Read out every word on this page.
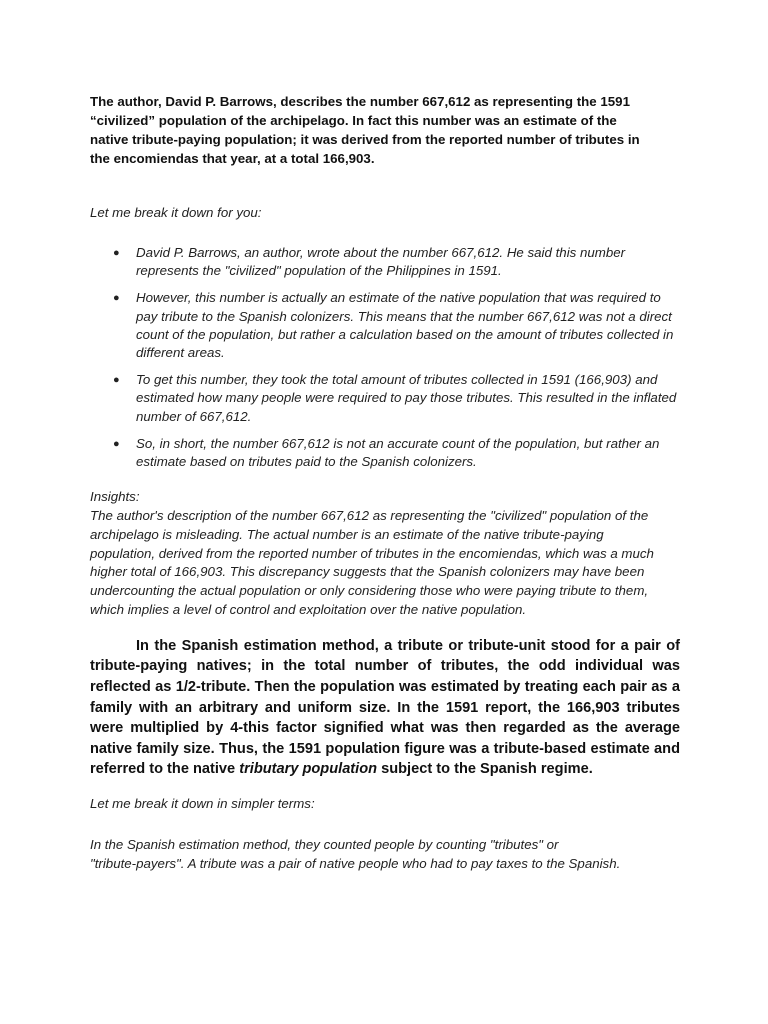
The author, David P. Barrows, describes the number 667,612 as representing the 1591
“civilized” population of the archipelago. In fact this number was an estimate of the
native tribute-paying population; it was derived from the reported number of tributes in
the encomiendas that year, at a total 166,903.

Let me break it down for you:

● David P. Barrows, an author, wrote about the number 667,612. He said this number
represents the "civilized" population of the Philippines in 1591.
● However, this number is actually an estimate of the native population that was required to
pay tribute to the Spanish colonizers. This means that the number 667,612 was not a direct
count of the population, but rather a calculation based on the amount of tributes collected in
different areas.
● To get this number, they took the total amount of tributes collected in 1591 (166,903) and
estimated how many people were required to pay those tributes. This resulted in the inflated
number of 667,612.
● So, in short, the number 667,612 is not an accurate count of the population, but rather an
estimate based on tributes paid to the Spanish colonizers.

Insights:

The author's description of the number 667,612 as representing the "civilized" population of the
archipelago is misleading. The actual number is an estimate of the native tribute-paying
population, derived from the reported number of tributes in the encomiendas, which was a much
higher total of 166,903. This discrepancy suggests that the Spanish colonizers may have been
undercounting the actual population or only considering those who were paying tribute to them,
which implies a level of control and exploitation over the native population.

In the Spanish estimation method, a tribute or tribute-unit stood for a pair of tribute-paying natives; in the total number of tributes, the odd individual was reflected as 1/2-tribute. Then the population was estimated by treating each pair as a family with an arbitrary and uniform size. In the 1591 report, the 166,903 tributes were multiplied by 4-this factor signified what was then regarded as the average native family size. Thus, the 1591 population figure was a tribute-based estimate and referred to the native tributary population subject to the Spanish regime.

Let me break it down in simpler terms:

In the Spanish estimation method, they counted people by counting "tributes" or
"tribute-payers". A tribute was a pair of native people who had to pay taxes to the Spanish.
